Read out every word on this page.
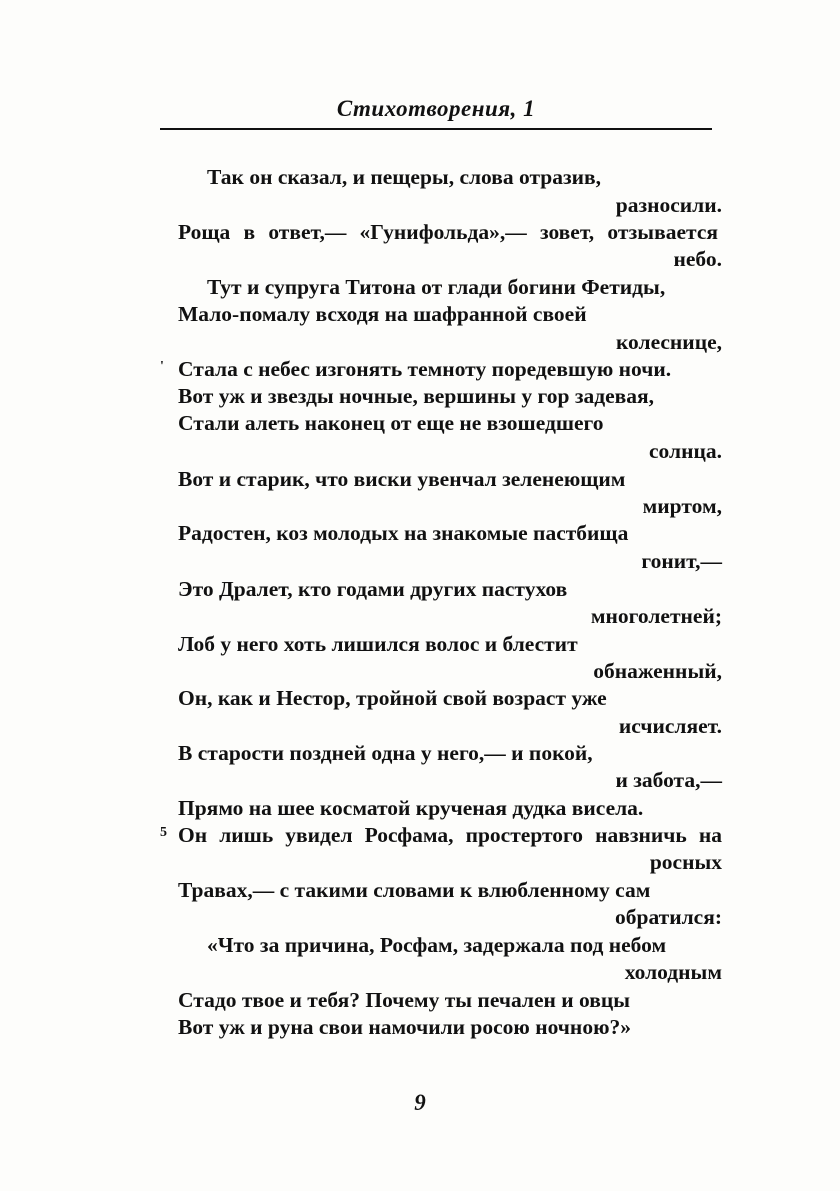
Стихотворения, 1
Так он сказал, и пещеры, слова отразив,
разносили.
Роща в ответ,— «Гунифольда»,— зовет, отзывается
небо.
Тут и супруга Титона от глади богини Фетиды,
Мало-помалу всходя на шафранной своей
колеснице,
' Стала с небес изгонять темноту поредевшую ночи.
Вот уж и звезды ночные, вершины у гор задевая,
Стали алеть наконец от еще не взошедшего
солнца.
Вот и старик, что виски увенчал зеленеющим
миртом,
Радостен, коз молодых на знакомые пастбища
гонит,—
Это Дралет, кто годами других пастухов
многолетней;
Лоб у него хоть лишился волос и блестит
обнаженный,
Он, как и Нестор, тройной свой возраст уже
исчисляет.
В старости поздней одна у него,— и покой,
и забота,—
Прямо на шее косматой крученая дудка висела.
5 Он лишь увидел Росфама, простертого навзничь на
росных
Травах,— с такими словами к влюбленному сам
обратился:
«Что за причина, Росфам, задержала под небом
холодным
Стадо твое и тебя? Почему ты печален и овцы
Вот уж и руна свои намочили росою ночною?»
9
